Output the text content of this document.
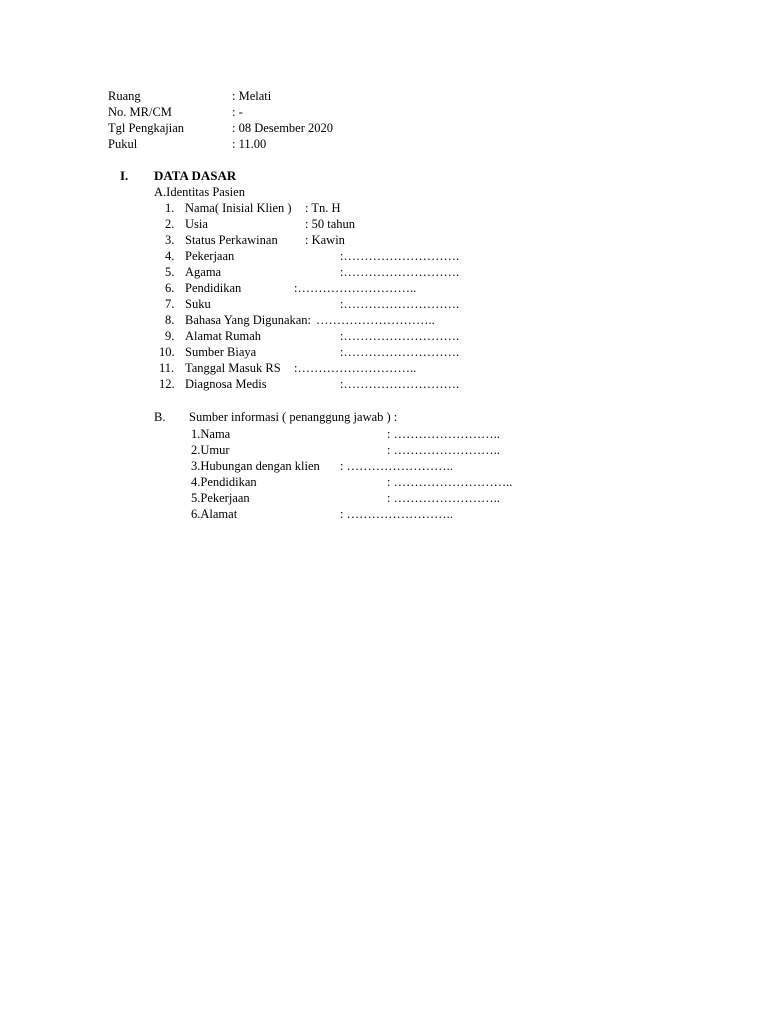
Ruang	: Melati
No. MR/CM	: -
Tgl Pengkajian	: 08 Desember 2020
Pukul	: 11.00
I. DATA DASAR
A.Identitas Pasien
1. Nama( Inisial Klien ) : Tn. H
2. Usia	: 50 tahun
3. Status Perkawinan : Kawin
4. Pekerjaan	:……………………….
5. Agama	:……………………….
6. Pendidikan	:………………………..
7. Suku	:……………………….
8. Bahasa Yang Digunakan: ………………………..
9. Alamat Rumah	:……………………….
10. Sumber Biaya	:……………………….
11. Tanggal Masuk RS :………………………..
12. Diagnosa Medis	:……………………….
B. Sumber informasi ( penanggung jawab ) :
1.Nama	: ……………………..
2.Umur	: ……………………..
3.Hubungan dengan klien : ……………………..
4.Pendidikan	: ………………………..
5.Pekerjaan	: ……………………..
6.Alamat	: ……………………..
